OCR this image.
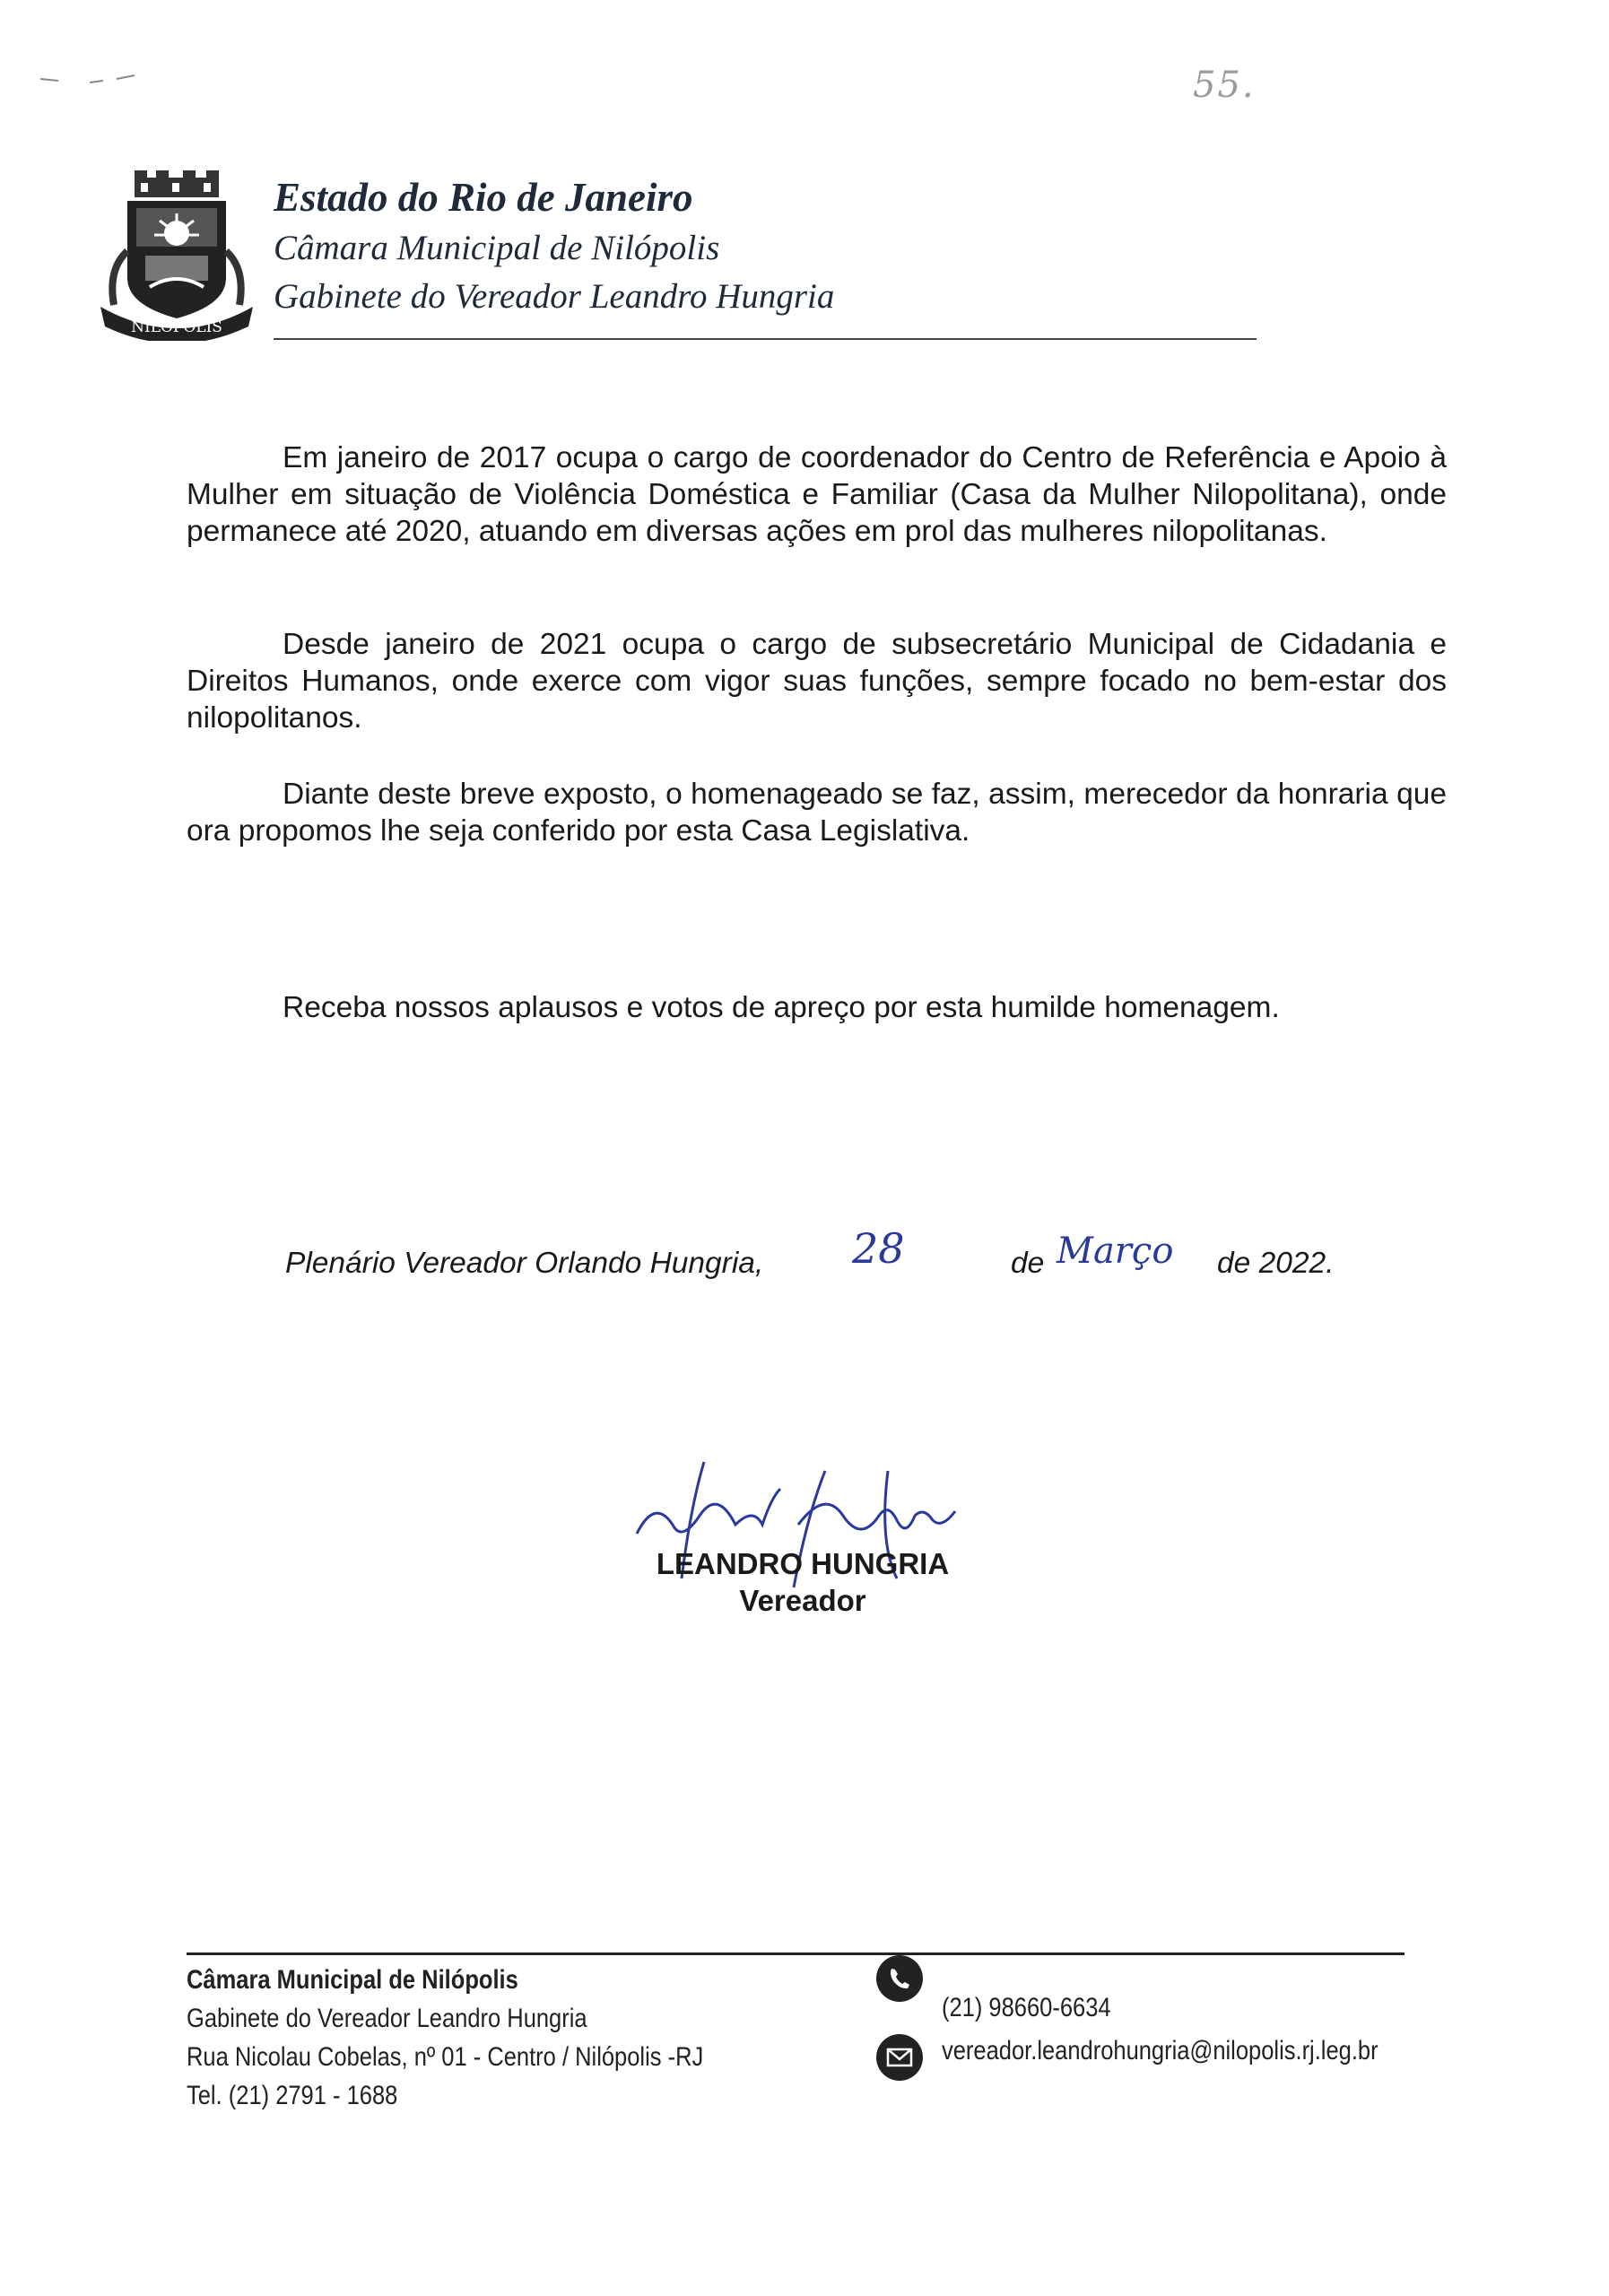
55.
NILÓPOLIS
Estado do Rio de Janeiro
Câmara Municipal de Nilópolis
Gabinete do Vereador Leandro Hungria
Em janeiro de 2017 ocupa o cargo de coordenador do Centro de Referência e Apoio à Mulher em situação de Violência Doméstica e Familiar (Casa da Mulher Nilopolitana), onde permanece até 2020, atuando em diversas ações em prol das mulheres nilopolitanas.
Desde janeiro de 2021 ocupa o cargo de subsecretário Municipal de Cidadania e Direitos Humanos, onde exerce com vigor suas funções, sempre focado no bem-estar dos nilopolitanos.
Diante deste breve exposto, o homenageado se faz, assim, merecedor da honraria que ora propomos lhe seja conferido por esta Casa Legislativa.
Receba nossos aplausos e votos de apreço por esta humilde homenagem.
Plenário Vereador Orlando Hungria, 28	de Março de 2022.
LEANDRO HUNGRIA
Vereador
Câmara Municipal de Nilópolis
Gabinete do Vereador Leandro Hungria
Rua Nicolau Cobelas, nº 01 - Centro / Nilópolis -RJ
Tel. (21) 2791 - 1688
(21) 98660-6634
vereador.leandrohungria@nilopolis.rj.leg.br
